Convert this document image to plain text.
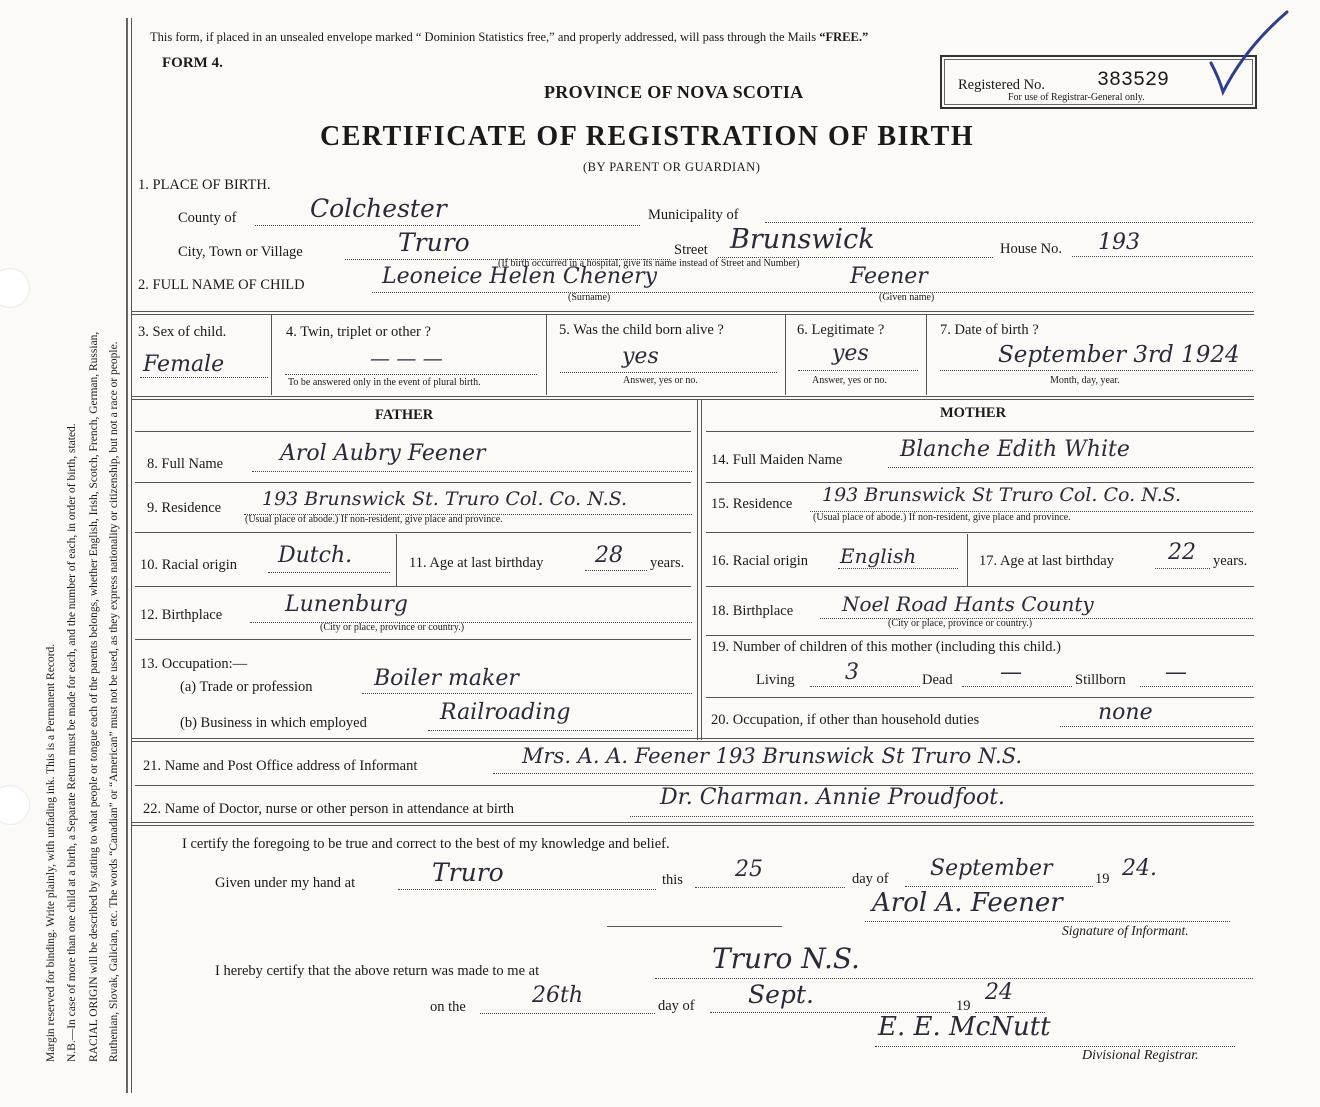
Margin reserved for binding. Write plainly, with unfading ink. This is a Permanent Record. N.B.—In case of more than one child at a birth, a Separate Return must be made for each, and the number of each, in order of birth, stated. RACIAL ORIGIN will be described by stating to what people or tongue each of the parents belongs, whether English, Irish, Scotch, French, German, Russian, Ruthenian, Slovak, Galician, etc. The words “Canadian” or “American” must not be used, as they express nationality or citizenship, but not a race or people.
This form, if placed in an unsealed envelope marked “ Dominion Statistics free,” and properly addressed, will pass through the Mails “FREE.”
FORM 4.
PROVINCE OF NOVA SCOTIA
CERTIFICATE OF REGISTRATION OF BIRTH
(BY PARENT OR GUARDIAN)
Registered No.	383529
For use of Registrar-General only.
1. PLACE OF BIRTH.
County of	Colchester	Municipality of
City, Town or Village	Truro	Street Brunswick	House No. 193
(If birth occurred in a hospital, give its name instead of Street and Number)
2. FULL NAME OF CHILD	Leoneice Helen Chenery	Feener
(Surname)	(Given name)
3. Sex of child.
Female
4. Twin, triplet or other ?
— — —
To be answered only in the event of plural birth.
5. Was the child born alive ?
yes
Answer, yes or no.
6. Legitimate ?
yes
Answer, yes or no.
7. Date of birth ?
September 3rd 1924
Month, day, year.
FATHER
8. Full Name	Arol Aubry Feener
9. Residence 193 Brunswick St. Truro Col. Co. N.S.
(Usual place of abode.) If non-resident, give place and province.
10. Racial origin Dutch.	11. Age at last birthday 28 years.
12. Birthplace	Lunenburg
(City or place, province or country.)
13. Occupation:—
(a) Trade or profession	Boiler maker
(b) Business in which employed	Railroading
MOTHER
14. Full Maiden Name	Blanche Edith White
15. Residence 193 Brunswick St Truro Col. Co. N.S.
(Usual place of abode.) If non-resident, give place and province.
16. Racial origin English	17. Age at last birthday 22 years.
18. Birthplace Noel Road Hants County
(City or place, province or country.)
19. Number of children of this mother (including this child.)
Living 3	Dead —	Stillborn —
20. Occupation, if other than household duties	none
21. Name and Post Office address of Informant	Mrs. A. A. Feener 193 Brunswick St Truro N.S.
22. Name of Doctor, nurse or other person in attendance at birth	Dr. Charman. Annie Proudfoot.
I certify the foregoing to be true and correct to the best of my knowledge and belief.
Given under my hand at	Truro	this 25	day of September	19 24.
Arol A. Feener
Signature of Informant.
I hereby certify that the above return was made to me at	Truro N.S.
on the	26th	day of Sept.	19
24
E. E. McNutt
Divisional Registrar.
